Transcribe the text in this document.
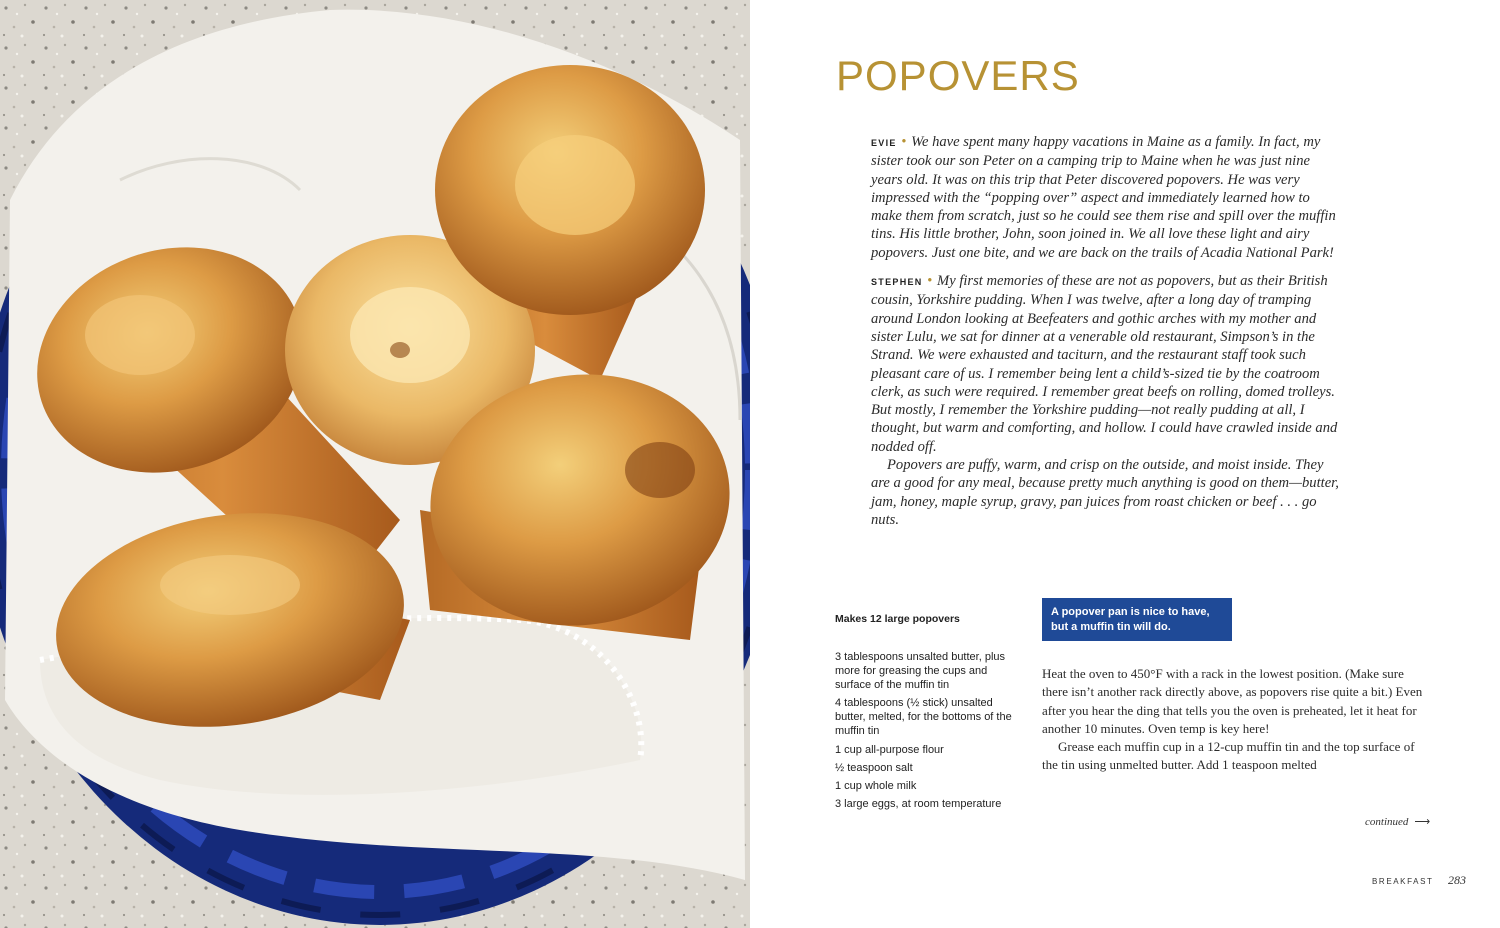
POPOVERS

EVIE • We have spent many happy vacations in Maine as a family. In fact, my sister took our son Peter on a camping trip to Maine when he was just nine years old. It was on this trip that Peter discovered popovers. He was very impressed with the “popping over” aspect and immediately learned how to make them from scratch, just so he could see them rise and spill over the muffin tins. His little brother, John, soon joined in. We all love these light and airy popovers. Just one bite, and we are back on the trails of Acadia National Park!

STEPHEN • My first memories of these are not as popovers, but as their British cousin, Yorkshire pudding. When I was twelve, after a long day of tramping around London looking at Beefeaters and gothic arches with my mother and sister Lulu, we sat for dinner at a venerable old restaurant, Simpson’s in the Strand. We were exhausted and taciturn, and the restaurant staff took such pleasant care of us. I remember being lent a child’s-sized tie by the coatroom clerk, as such were required. I remember great beefs on rolling, domed trolleys. But mostly, I remember the Yorkshire pudding—not really pudding at all, I thought, but warm and comforting, and hollow. I could have crawled inside and nodded off.

Popovers are puffy, warm, and crisp on the outside, and moist inside. They are a good for any meal, because pretty much anything is good on them—butter, jam, honey, maple syrup, gravy, pan juices from roast chicken or beef . . . go nuts.

Makes 12 large popovers
3 tablespoons unsalted butter, plus more for greasing the cups and surface of the muffin tin
4 tablespoons (½ stick) unsalted butter, melted, for the bottoms of the muffin tin
1 cup all-purpose flour
½ teaspoon salt
1 cup whole milk
3 large eggs, at room temperature
A popover pan is nice to have, but a muffin tin will do.

Heat the oven to 450°F with a rack in the lowest position. (Make sure there isn’t another rack directly above, as popovers rise quite a bit.) Even after you hear the ding that tells you the oven is preheated, let it heat for another 10 minutes. Oven temp is key here!

Grease each muffin cup in a 12-cup muffin tin and the top surface of the tin using unmelted butter. Add 1 teaspoon melted

continued ⟶
BREAKFAST 283
